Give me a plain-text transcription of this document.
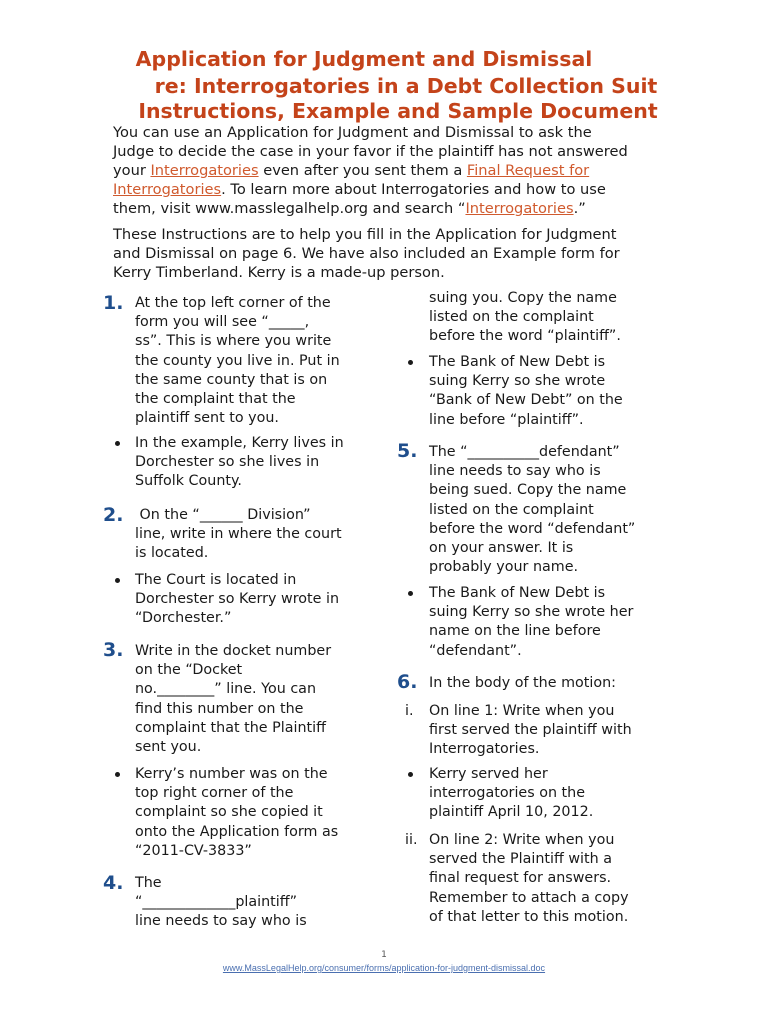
Application for Judgment and Dismissal
re: Interrogatories in a Debt Collection Suit
Instructions, Example and Sample Document

You can use an Application for Judgment and Dismissal to ask the

Judge to decide the case in your favor if the plaintiff has not answered

your Interrogatories even after you sent them a Final Request for

Interrogatories. To learn more about Interrogatories and how to use

them, visit www.masslegalhelp.org and search “Interrogatories.”

These Instructions are to help you fill in the Application for Judgment

and Dismissal on page 6. We have also included an Example form for

Kerry Timberland. Kerry is a made-up person.

1. At the top left corner of the
form you will see “_____,
ss”. This is where you write
the county you live in. Put in
the same county that is on
the complaint that the
plaintiff sent to you.
In the example, Kerry lives in
Dorchester so she lives in
Suffolk County.
2. On the “______ Division”
line, write in where the court
is located.
The Court is located in
Dorchester so Kerry wrote in
“Dorchester.”
3. Write in the docket number
on the “Docket
no.________” line. You can
find this number on the
complaint that the Plaintiff
sent you.
Kerry’s number was on the
top right corner of the
complaint so she copied it
onto the Application form as
“2011-CV-3833”
4. The
“_____________plaintiff”
line needs to say who is
suing you. Copy the name
listed on the complaint
before the word “plaintiff”.
The Bank of New Debt is
suing Kerry so she wrote
“Bank of New Debt” on the
line before “plaintiff”.
5. The “__________defendant”
line needs to say who is
being sued. Copy the name
listed on the complaint
before the word “defendant”
on your answer. It is
probably your name.
The Bank of New Debt is
suing Kerry so she wrote her
name on the line before
“defendant”.
6. In the body of the motion:
i. On line 1: Write when you
first served the plaintiff with
Interrogatories.
Kerry served her
interrogatories on the
plaintiff April 10, 2012.
ii. On line 2: Write when you
served the Plaintiff with a
final request for answers.
Remember to attach a copy
of that letter to this motion.
1
www.MassLegalHelp.org/consumer/forms/application-for-judgment-dismissal.doc
